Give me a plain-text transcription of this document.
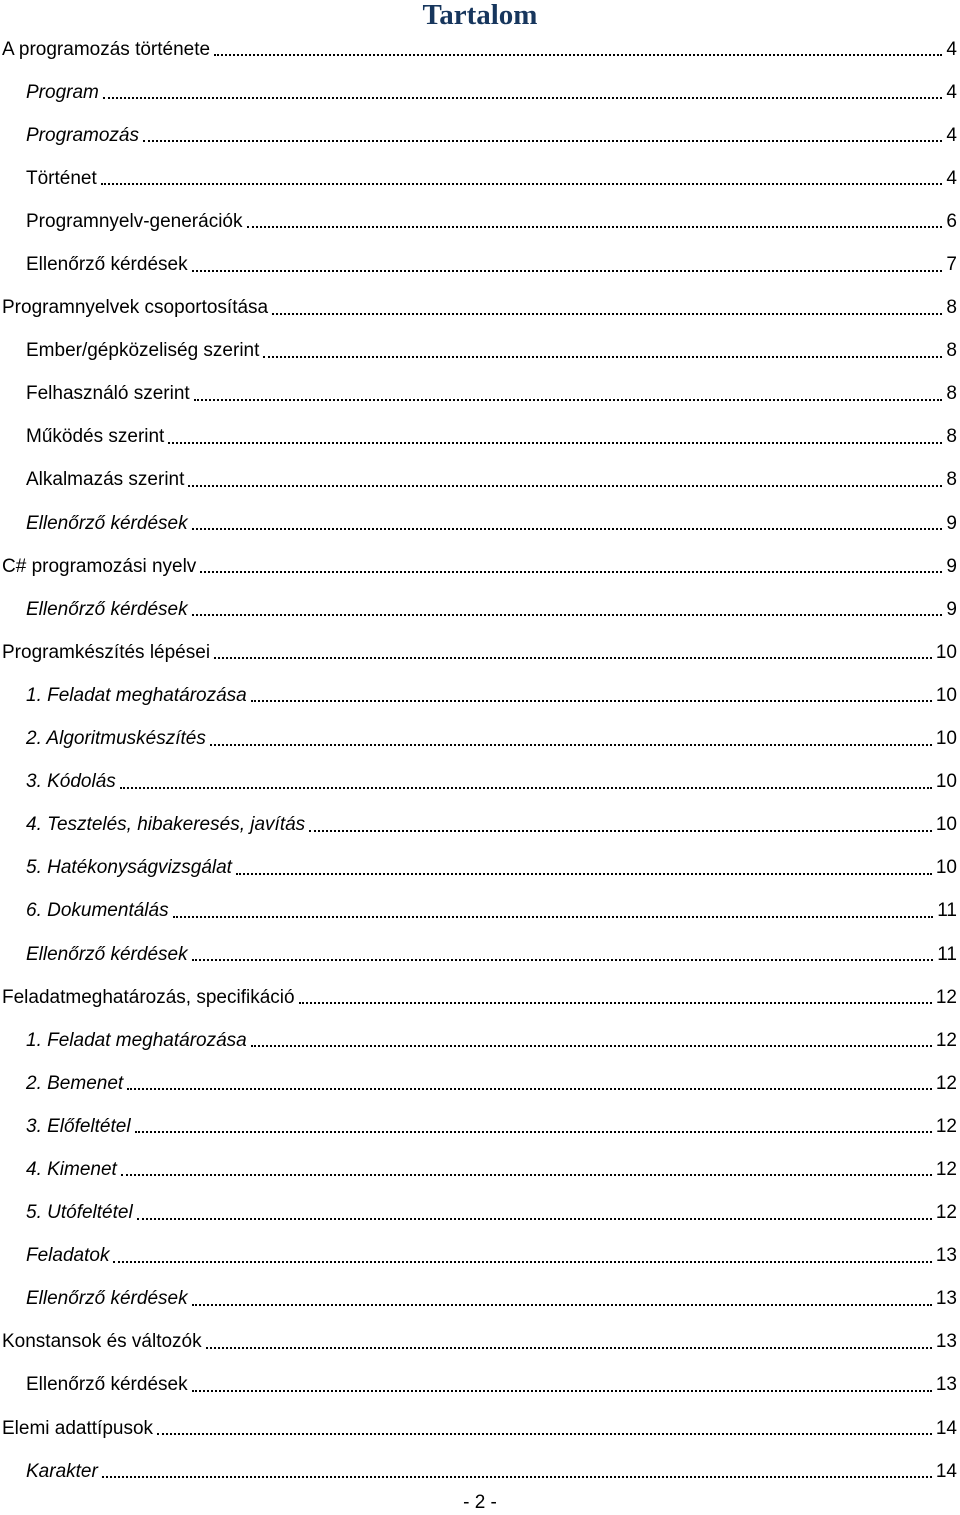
Tartalom
A programozás története	4
Program	4
Programozás	4
Történet	4
Programnyelv-generációk	6
Ellenőrző kérdések	7
Programnyelvek csoportosítása	8
Ember/gépközeliség szerint	8
Felhasználó szerint	8
Működés szerint	8
Alkalmazás szerint	8
Ellenőrző kérdések	9
C# programozási nyelv	9
Ellenőrző kérdések	9
Programkészítés lépései	10
1. Feladat meghatározása	10
2. Algoritmuskészítés	10
3. Kódolás	10
4. Tesztelés, hibakeresés, javítás	10
5. Hatékonyságvizsgálat	10
6. Dokumentálás	11
Ellenőrző kérdések	11
Feladatmeghatározás, specifikáció	12
1. Feladat meghatározása	12
2. Bemenet	12
3. Előfeltétel	12
4. Kimenet	12
5. Utófeltétel	12
Feladatok	13
Ellenőrző kérdések	13
Konstansok és változók	13
Ellenőrző kérdések	13
Elemi adattípusok	14
Karakter	14
- 2 -
